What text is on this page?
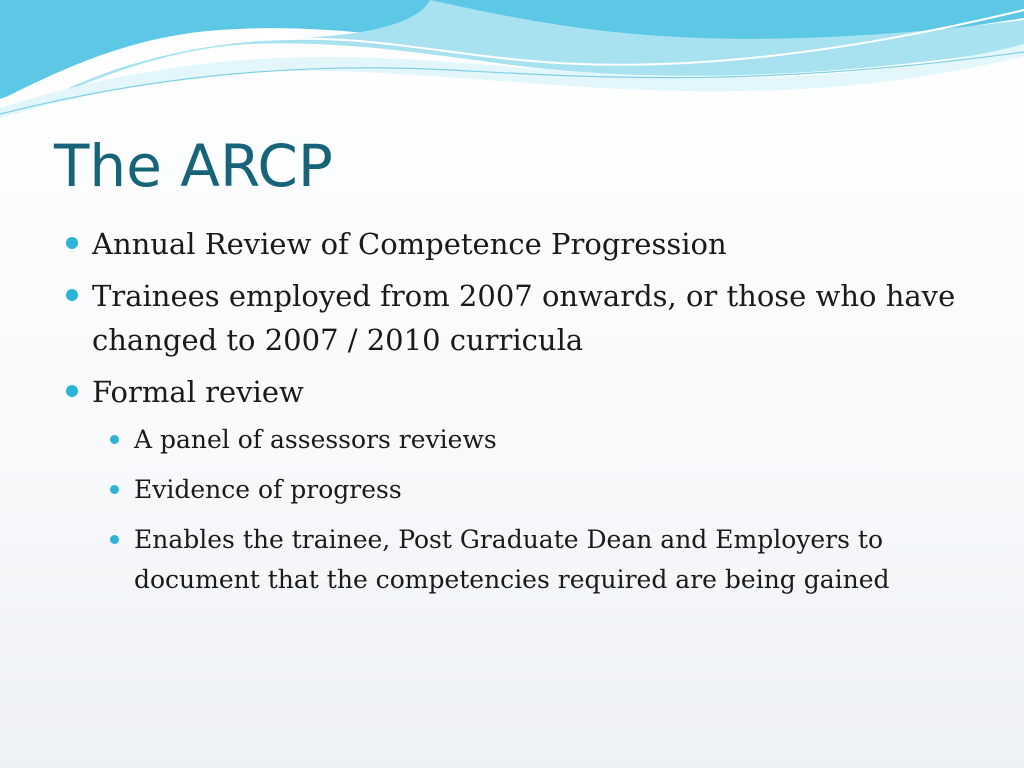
The ARCP
Annual Review of Competence Progression
Trainees employed from 2007 onwards, or those who have changed to 2007 / 2010 curricula
Formal review
A panel of assessors reviews
Evidence of progress
Enables the trainee, Post Graduate Dean and Employers to document that the competencies required are being gained
